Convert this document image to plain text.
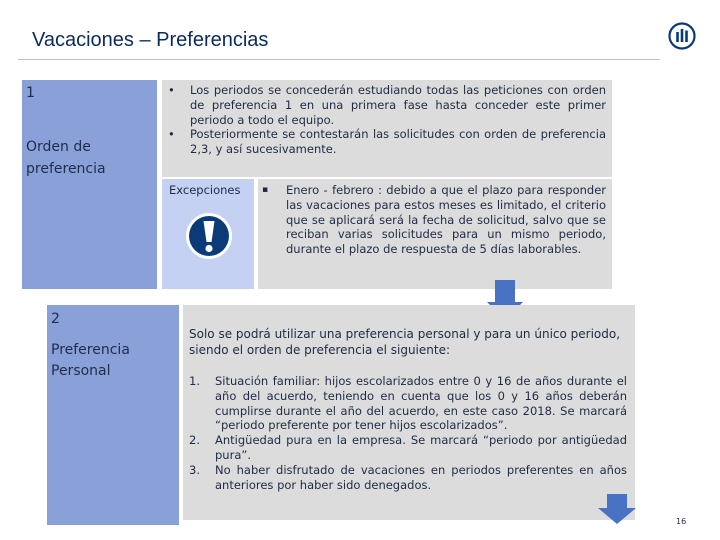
Vacaciones – Preferencias
1
Orden de
preferencia
• Los periodos se concederán estudiando todas las peticiones con orden de preferencia 1 en una primera fase hasta conceder este primer periodo a todo el equipo.
• Posteriormente se contestarán las solicitudes con orden de preferencia 2,3, y así sucesivamente.
Excepciones ▪ Enero - febrero : debido a que el plazo para responder las vacaciones para estos meses es limitado, el criterio que se aplicará será la fecha de solicitud, salvo que se reciban varias solicitudes para un mismo periodo, durante el plazo de respuesta de 5 días laborables.
2
Preferencia
Personal
Solo se podrá utilizar una preferencia personal y para un único periodo, siendo el orden de preferencia el siguiente:
1. Situación familiar: hijos escolarizados entre 0 y 16 de años durante el año del acuerdo, teniendo en cuenta que los 0 y 16 años deberán cumplirse durante el año del acuerdo, en este caso 2018. Se marcará “periodo preferente por tener hijos escolarizados”.
2. Antigüedad pura en la empresa. Se marcará “periodo por antigüedad pura”.
3. No haber disfrutado de vacaciones en periodos preferentes en años anteriores por haber sido denegados.
16
